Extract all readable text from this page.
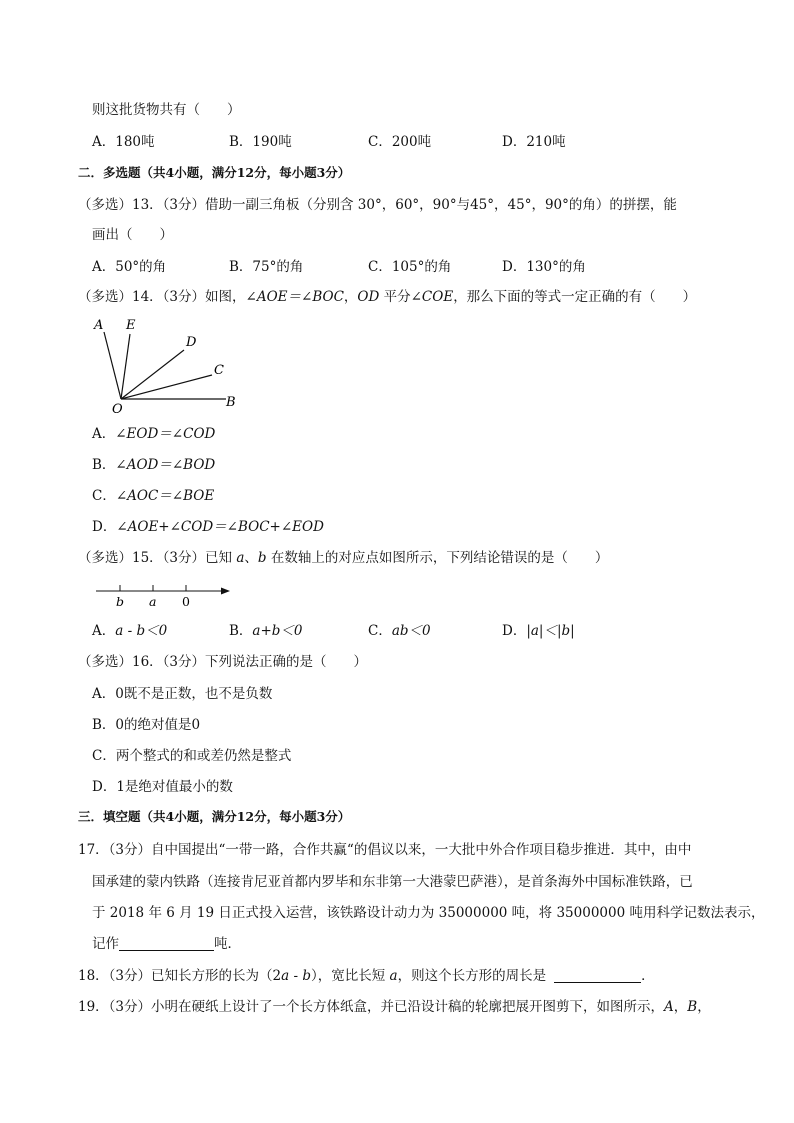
则这批货物共有（　　）
A．180吨	B．190吨	C．200吨	D．210吨
二．多选题（共4小题，满分12分，每小题3分）
（多选）13．（3分）借助一副三角板（分别含 30°，60°，90°与45°，45°，90°的角）的拼摆，能
画出（　　）
A．50°的角	B．75°的角	C．105°的角	D．130°的角
（多选）14．（3分）如图，∠AOE＝∠BOC，OD 平分∠COE，那么下面的等式一定正确的有（　　）
A E
D
C
O	B
A．∠EOD＝∠COD
B．∠AOD＝∠BOD
C．∠AOC＝∠BOE
D．∠AOE+∠COD＝∠BOC+∠EOD
（多选）15．（3分）已知 a、b 在数轴上的对应点如图所示，下列结论错误的是（　　）
b a 0
A．a - b＜0	B．a+b＜0	C．ab＜0	D．|a|＜|b|
（多选）16．（3分）下列说法正确的是（　　）
A．0既不是正数，也不是负数
B．0的绝对值是0
C．两个整式的和或差仍然是整式
D．1是绝对值最小的数
三．填空题（共4小题，满分12分，每小题3分）
17．（3分）自中国提出“一带一路，合作共赢“的倡议以来，一大批中外合作项目稳步推进．其中，由中
国承建的蒙内铁路（连接肯尼亚首都内罗毕和东非第一大港蒙巴萨港），是首条海外中国标准铁路，已
于 2018 年 6 月 19 日正式投入运营，该铁路设计动力为 35000000 吨，将 35000000 吨用科学记数法表示，
记作	吨．
18．（3分）已知长方形的长为（2a - b），宽比长短 a，则这个长方形的周长是	．
19．（3分）小明在硬纸上设计了一个长方体纸盒，并已沿设计稿的轮廓把展开图剪下，如图所示，A，B，
